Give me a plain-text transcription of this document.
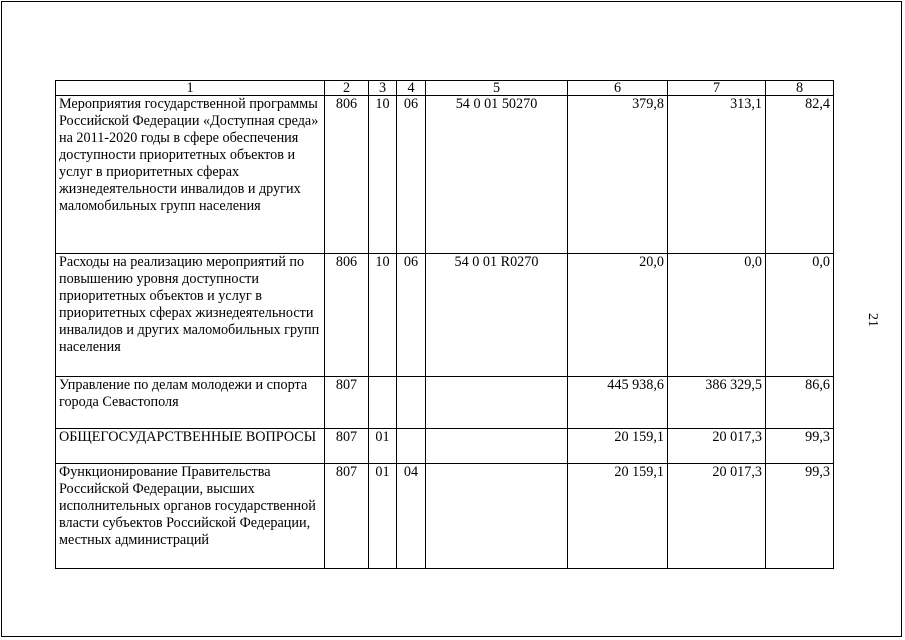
21
1	2	3	4	5	6	7	8
Мероприятия государственной программы Российской Федерации «Доступная среда» на 2011-2020 годы в сфере обеспечения доступности приоритетных объектов и услуг в приоритетных сферах жизнедеятельности инвалидов и других маломобильных групп населения	806	10	06	54 0 01 50270	379,8	313,1	82,4
Расходы на реализацию мероприятий по повышению уровня доступности приоритетных объектов и услуг в приоритетных сферах жизнедеятельности инвалидов и других маломобильных групп населения	806	10	06	54 0 01 R0270	20,0	0,0	0,0
Управление по делам молодежи и спорта города Севастополя	807				445 938,6	386 329,5	86,6
ОБЩЕГОСУДАРСТВЕННЫЕ ВОПРОСЫ	807	01			20 159,1	20 017,3	99,3
Функционирование Правительства Российской Федерации, высших исполнительных органов государственной власти субъектов Российской Федерации, местных администраций	807	01	04		20 159,1	20 017,3	99,3
